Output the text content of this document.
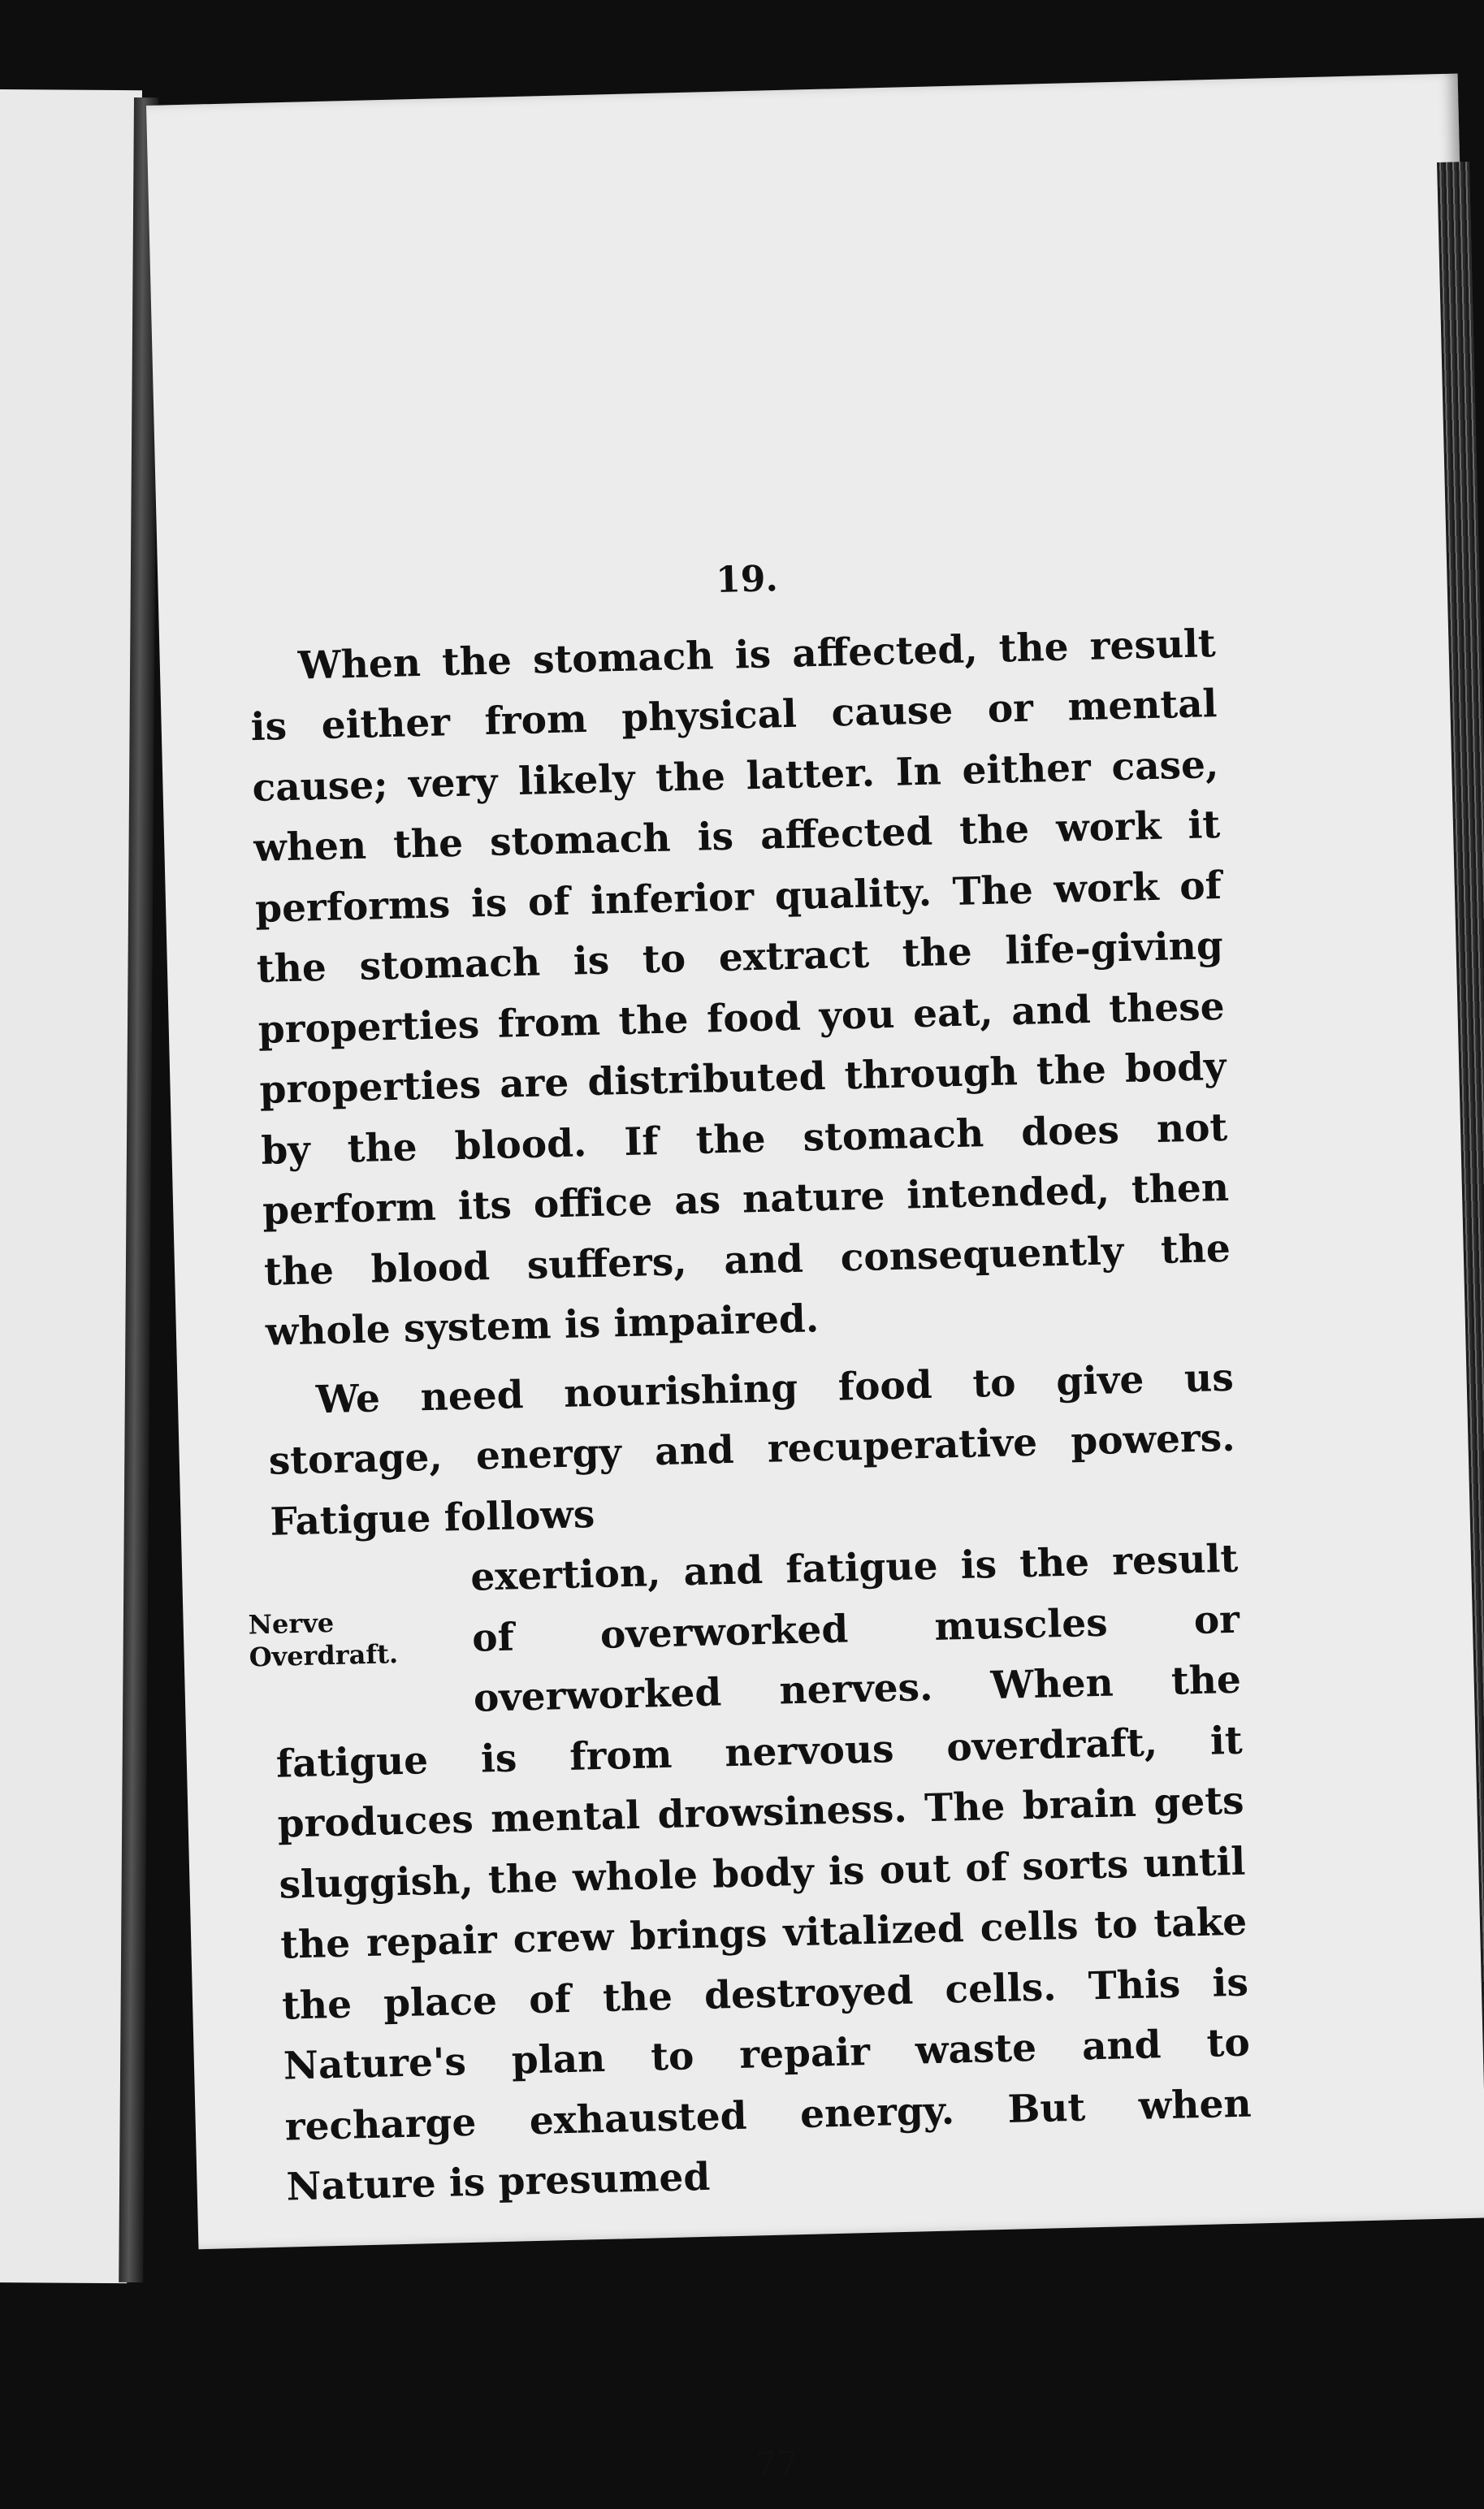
19.

When the stomach is affected, the result is either from physical cause or mental cause; very likely the latter. In either case, when the stomach is affected the work it performs is of inferior quality. The work of the stomach is to extract the life-giving properties from the food you eat, and these properties are distributed through the body by the blood. If the stomach does not perform its office as nature intended, then the blood suffers, and consequently the whole system is impaired.

We need nourishing food to give us storage, energy and recuperative powers. Fatigue follows

Nerve
Overdraft.
exertion, and fatigue is the result of overworked muscles or overworked nerves. When the fatigue is from nervous overdraft, it produces mental drowsiness. The brain gets sluggish, the whole body is out of sorts until the repair crew brings vitalized cells to take the place of the destroyed cells. This is Nature's plan to repair waste and to recharge exhausted energy. But when Nature is presumed
77
